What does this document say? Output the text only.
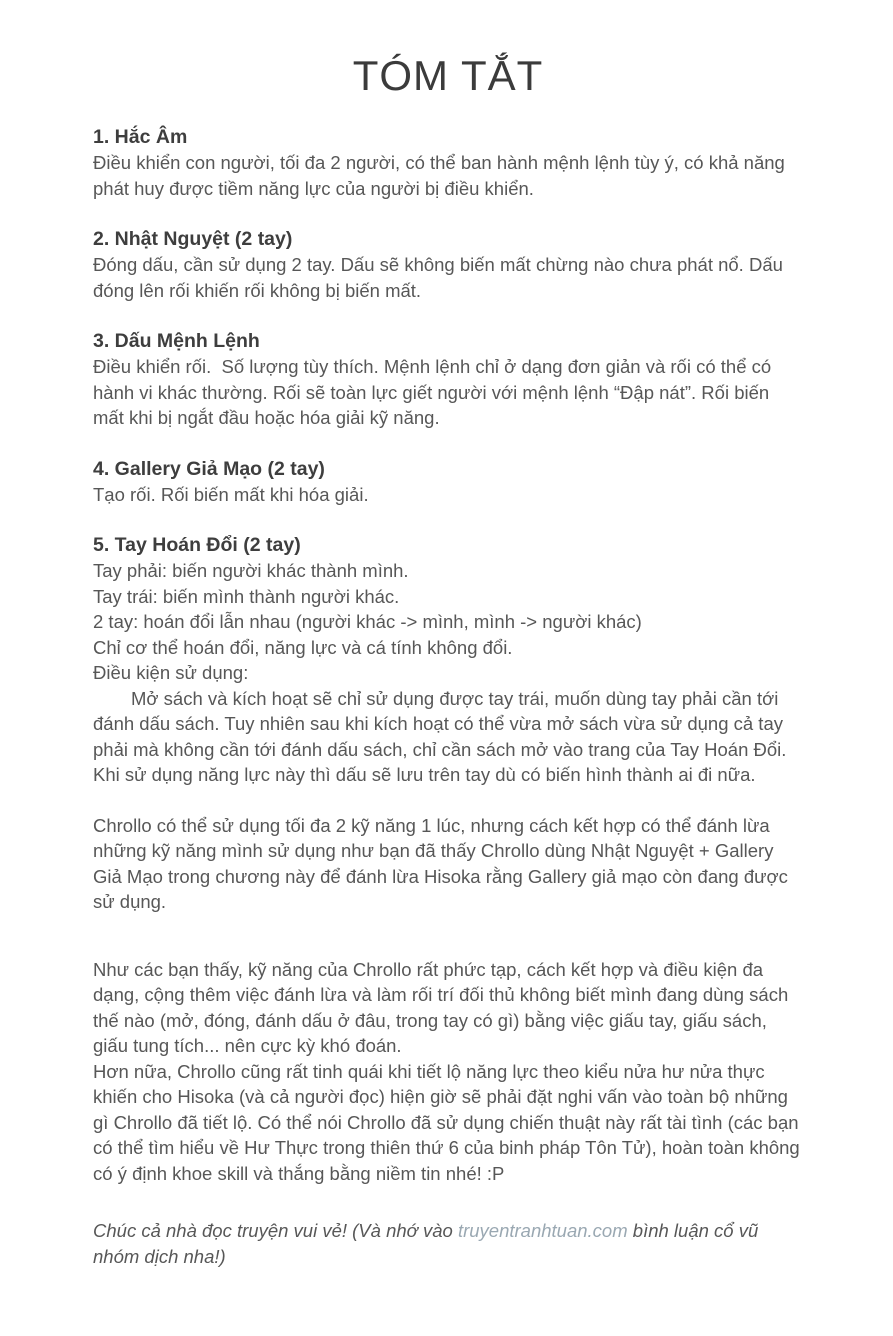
TÓM TẮT
1. Hắc Âm

Điều khiển con người, tối đa 2 người, có thể ban hành mệnh lệnh tùy ý, có khả năng phát huy được tiềm năng lực của người bị điều khiển.

2. Nhật Nguyệt (2 tay)

Đóng dấu, cần sử dụng 2 tay. Dấu sẽ không biến mất chừng nào chưa phát nổ. Dấu đóng lên rối khiến rối không bị biến mất.

3. Dấu Mệnh Lệnh

Điều khiển rối.  Số lượng tùy thích. Mệnh lệnh chỉ ở dạng đơn giản và rối có thể có hành vi khác thường. Rối sẽ toàn lực giết người với mệnh lệnh “Đập nát”. Rối biến mất khi bị ngắt đầu hoặc hóa giải kỹ năng.

4. Gallery Giả Mạo (2 tay)

Tạo rối. Rối biến mất khi hóa giải.

5. Tay Hoán Đổi (2 tay)

Tay phải: biến người khác thành mình.

Tay trái: biến mình thành người khác.

2 tay: hoán đổi lẫn nhau (người khác -> mình, mình -> người khác)

Chỉ cơ thể hoán đổi, năng lực và cá tính không đổi.

Điều kiện sử dụng:

Mở sách và kích hoạt sẽ chỉ sử dụng được tay trái, muốn dùng tay phải cần tới đánh dấu sách. Tuy nhiên sau khi kích hoạt có thể vừa mở sách vừa sử dụng cả tay phải mà không cần tới đánh dấu sách, chỉ cần sách mở vào trang của Tay Hoán Đổi.

Khi sử dụng năng lực này thì dấu sẽ lưu trên tay dù có biến hình thành ai đi nữa.

Chrollo có thể sử dụng tối đa 2 kỹ năng 1 lúc, nhưng cách kết hợp có thể đánh lừa những kỹ năng mình sử dụng như bạn đã thấy Chrollo dùng Nhật Nguyệt + Gallery Giả Mạo trong chương này để đánh lừa Hisoka rằng Gallery giả mạo còn đang được sử dụng.

Như các bạn thấy, kỹ năng của Chrollo rất phức tạp, cách kết hợp và điều kiện đa dạng, cộng thêm việc đánh lừa và làm rối trí đối thủ không biết mình đang dùng sách thế nào (mở, đóng, đánh dấu ở đâu, trong tay có gì) bằng việc giấu tay, giấu sách, giấu tung tích... nên cực kỳ khó đoán.

Hơn nữa, Chrollo cũng rất tinh quái khi tiết lộ năng lực theo kiểu nửa hư nửa thực khiến cho Hisoka (và cả người đọc) hiện giờ sẽ phải đặt nghi vấn vào toàn bộ những gì Chrollo đã tiết lộ. Có thể nói Chrollo đã sử dụng chiến thuật này rất tài tình (các bạn có thể tìm hiểu về Hư Thực trong thiên thứ 6 của binh pháp Tôn Tử), hoàn toàn không có ý định khoe skill và thắng bằng niềm tin nhé! :P

Chúc cả nhà đọc truyện vui vẻ! (Và nhớ vào truyentranhtuan.com bình luận cổ vũ nhóm dịch nha!)
